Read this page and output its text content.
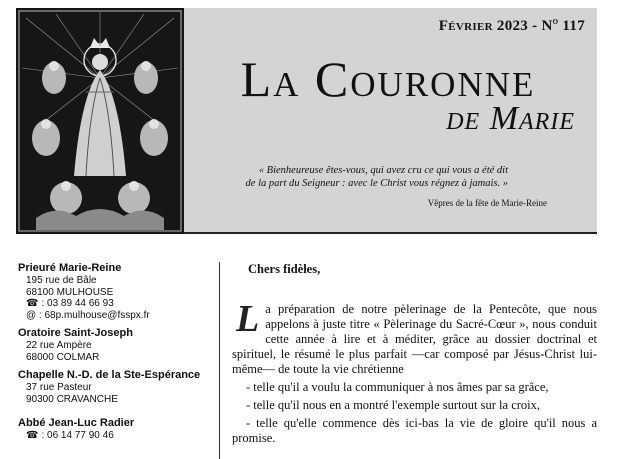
Février $2023 - N^o$ 117
La Couronne
de Marie
« Bienheureuse êtes-vous, qui avez cru ce qui vous a été dit
de la part du Seigneur : avec le Christ vous régnez à jamais. »
Vêpres de la fête de Marie-Reine
Prieuré Marie-Reine
195 rue de Bâle
68100 MULHOUSE
☎ : 03 89 44 66 93
@ : 68p.mulhouse@fsspx.fr
Oratoire Saint-Joseph
22 rue Ampère
68000 COLMAR
Chapelle N.-D. de la Ste-Espérance
37 rue Pasteur
90300 CRAVANCHE
Abbé Jean-Luc Radier
☎ : 06 14 77 90 46
Chers fidèles,
L a préparation de notre pèlerinage de la Pentecôte, que nous appelons à juste titre « Pèlerinage du Sacré-Cœur », nous conduit cette année à lire et à méditer, grâce au dossier doctrinal et spirituel, le résumé le plus parfait —car composé par Jésus-Christ lui-même— de toute la vie chrétienne
- telle qu'il a voulu la communiquer à nos âmes par sa grâce,
- telle qu'il nous en a montré l'exemple surtout sur la croix,
- telle qu'elle commence dès ici-bas la vie de gloire qu'il nous a promise.
